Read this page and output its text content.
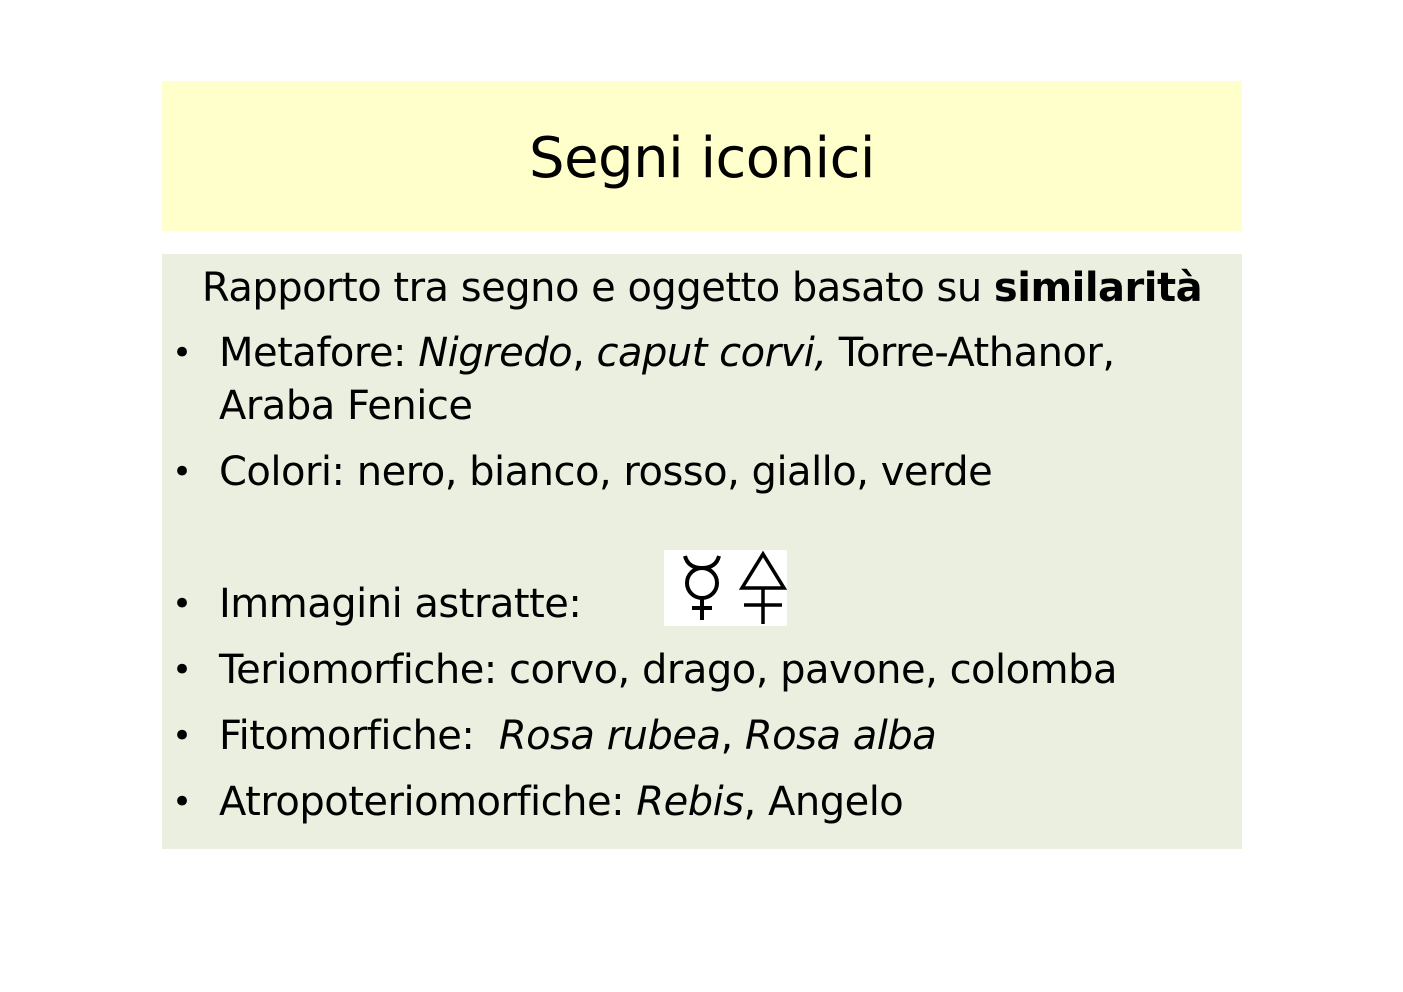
Segni iconici
Rapporto tra segno e oggetto basato su similarità
• Metafore: Nigredo, caput corvi, Torre-Athanor,
Araba Fenice
• Colori: nero, bianco, rosso, giallo, verde
• Immagini astratte:
• Teriomorfiche: corvo, drago, pavone, colomba
• Fitomorfiche:  Rosa rubea, Rosa alba
• Atropoteriomorfiche: Rebis, Angelo
